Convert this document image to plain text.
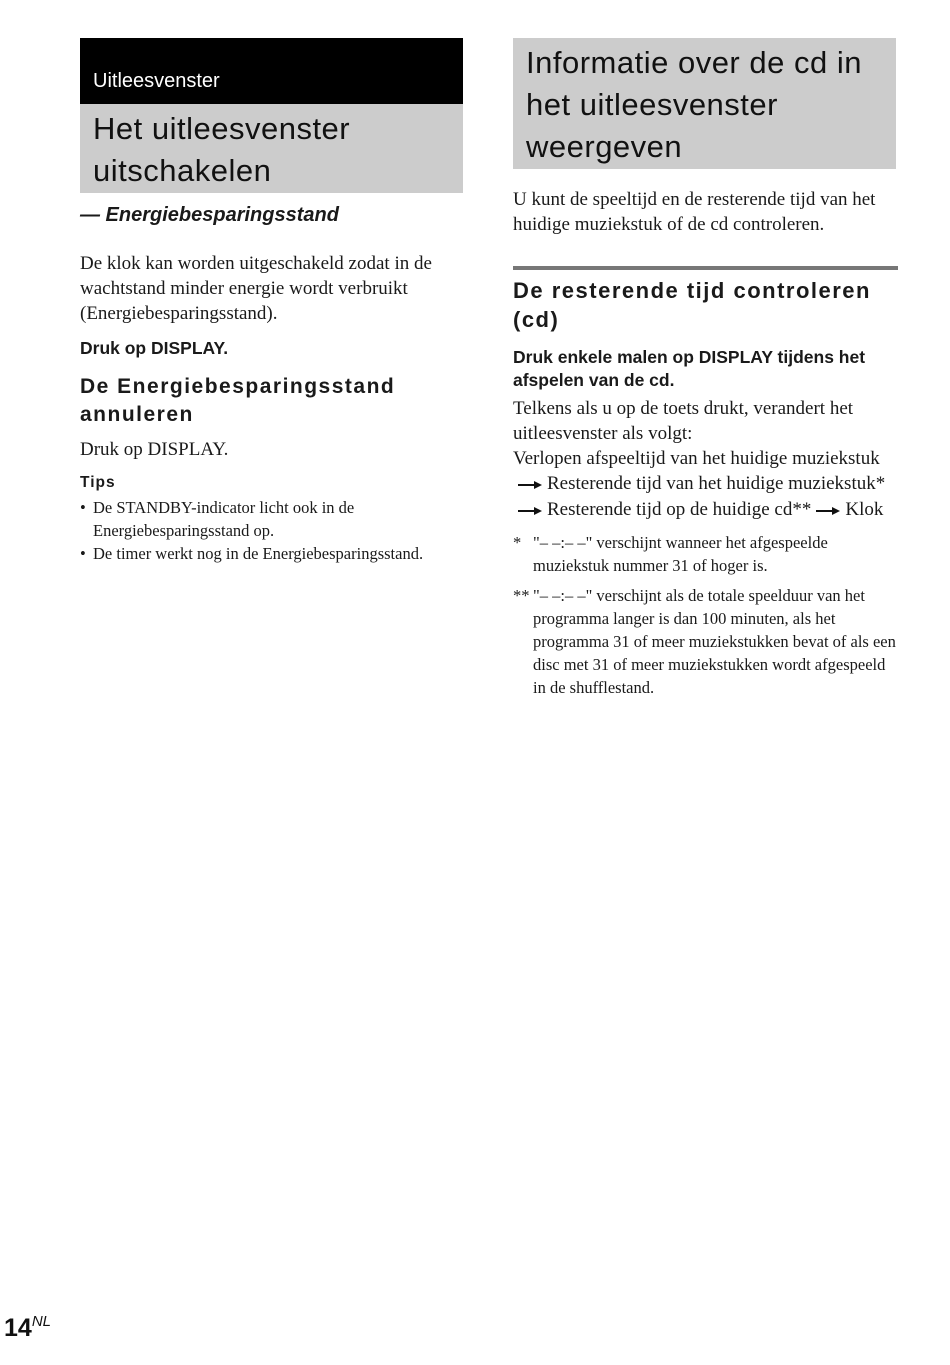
Uitleesvenster
Het uitleesvenster
uitschakelen

— Energiebesparingsstand

De klok kan worden uitgeschakeld zodat in de wachtstand minder energie wordt verbruikt (Energiebesparingsstand).

Druk op DISPLAY.

De Energiebesparingsstand annuleren

Druk op DISPLAY.

Tips

• De STANDBY-indicator licht ook in de Energiebesparingsstand op.
• De timer werkt nog in de Energiebesparingsstand.
Informatie over de cd in
het uitleesvenster
weergeven

U kunt de speeltijd en de resterende tijd van het huidige muziekstuk of de cd controleren.

De resterende tijd controleren (cd)

Druk enkele malen op DISPLAY tijdens het afspelen van de cd.

Telkens als u op de toets drukt, verandert het uitleesvenster als volgt:

Verlopen afspeeltijd van het huidige muziekstukResterende tijd van het huidige muziekstuk*Resterende tijd op de huidige cd** Klok

* "– –:– –" verschijnt wanneer het afgespeelde muziekstuk nummer 31 of hoger is.

** "– –:– –" verschijnt als de totale speelduur van het programma langer is dan 100 minuten, als het programma 31 of meer muziekstukken bevat of als een disc met 31 of meer muziekstukken wordt afgespeeld in de shufflestand.

$14^{NL}$
